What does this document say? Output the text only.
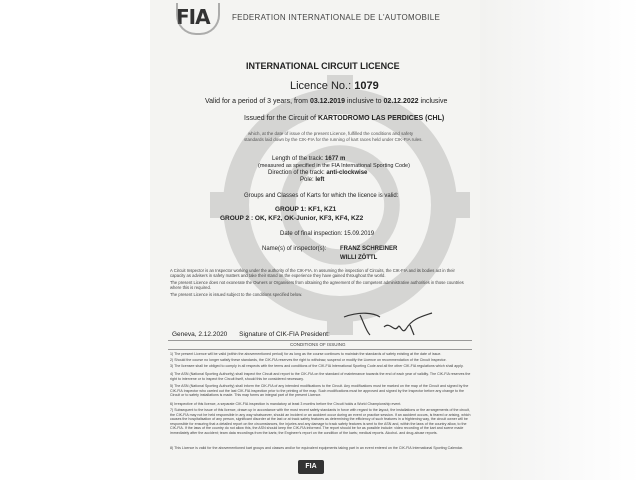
FIA	FEDERATION INTERNATIONALE DE L'AUTOMOBILE
INTERNATIONAL CIRCUIT LICENCE
Licence No.: 1079
Valid for a period of 3 years, from 03.12.2019 inclusive to 02.12.2022 inclusive
Issued for the Circuit of KARTODROMO LAS PERDICES (CHL)
which, at the date of issue of the present Licence, fulfilled the conditions and safety
standards laid down by the CIK-FIA for the running of kart races held under CIK-FIA rules.
Length of the track: 1677 m
(measured as specified in the FIA International Sporting Code)
Direction of the track: anti-clockwise
Pole: left
Groups and Classes of Karts for which the licence is valid:
GROUP 1: KF1, KZ1
GROUP 2 : OK, KF2, OK-Junior, KF3, KF4, KZ2
Date of final inspection: 15.09.2019
Name(s) of inspector(s): FRANZ SCHREINER
WILLI ZÖTTL
A Circuit Inspector is an Inspector working under the authority of the CIK-FIA. In assuming the inspection of Circuits, the CIK-FIA and its bodies act in their capacity as advisers in safety matters and take their stand on the experience they have gained throughout the world.
The present Licence does not exonerate the Owners or Organisers from obtaining the agreement of the competent administrative authorities in those countries where this is required.
The present Licence is issued subject to the conditions specified below.
Geneva, 2.12.2020 Signature of CIK-FIA President:
CONDITIONS OF ISSUING
1) The present Licence will be valid (within the abovementioned period) for as long as the course continues to maintain the standards of safety existing at the date of issue.
2) Should the course no longer satisfy these standards, the CIK-FIA reserves the right to withdraw, suspend or modify the Licence on recommendation of the Circuit Inspector.
3) The licensee shall be obliged to comply in all respects with the terms and conditions of the CIK-FIA International Sporting Code and all the other CIK-FIA regulations which shall apply.
4) The ASN (National Sporting Authority) shall inspect the Circuit and report to the CIK-FIA on the standard of maintenance towards the end of each year of validity. The CIK-FIA reserves the right to intervene or to inspect the Circuit itself, should this be considered necessary.
5) The ASN (National Sporting Authority) shall inform the CIK-FIA of any intended modifications to the Circuit. Any modifications must be marked on the map of the Circuit and signed by the CIK-FIA Inspector who carried out the last CIK-FIA inspection prior to the printing of the map. Such modifications must be approved and signed by the Inspector before any change to the Circuit or to safety installations is made. This map forms an integral part of the present Licence.
6) Irrespective of this licence, a separate CIK-FIA inspection is mandatory at least 3 months before the Circuit holds a World Championship event.
7) Subsequent to the issue of this licence, drawn up in accordance with the most recent safety standards in force with regard to the layout, the installations or the arrangements of the circuit, the CIK-FIA may not be held responsible in any way whatsoever, should an incident or an accident occur during an event or practice session. If an accident occurs, is feared or arising, which causes the hospitalisation of any person, significant disorder at the last or at track safety features as determining the efficiency of such features in a frightening way, the circuit owner will be responsible for ensuring that a detailed report on the circumstances, the injuries and any damage to track safety features is sent to the ASN and, within the laws of the country allow, to the CIK-FIA. If the laws of the country do not allow this, the ASN should keep the CIK-FIA informed. The report should be for as possible include: video recording of the kart and scene made immediately after the accident; team data recordings from the karts; the Engineer's report on the condition of the karts; medical reports. Alcohol- and drug-abuse reports.
8) This Licence is valid for the abovementioned kart groups and classes and/or for equivalent equipments taking part in an event entered on the CIK-FIA International Sporting Calendar.
FIA
